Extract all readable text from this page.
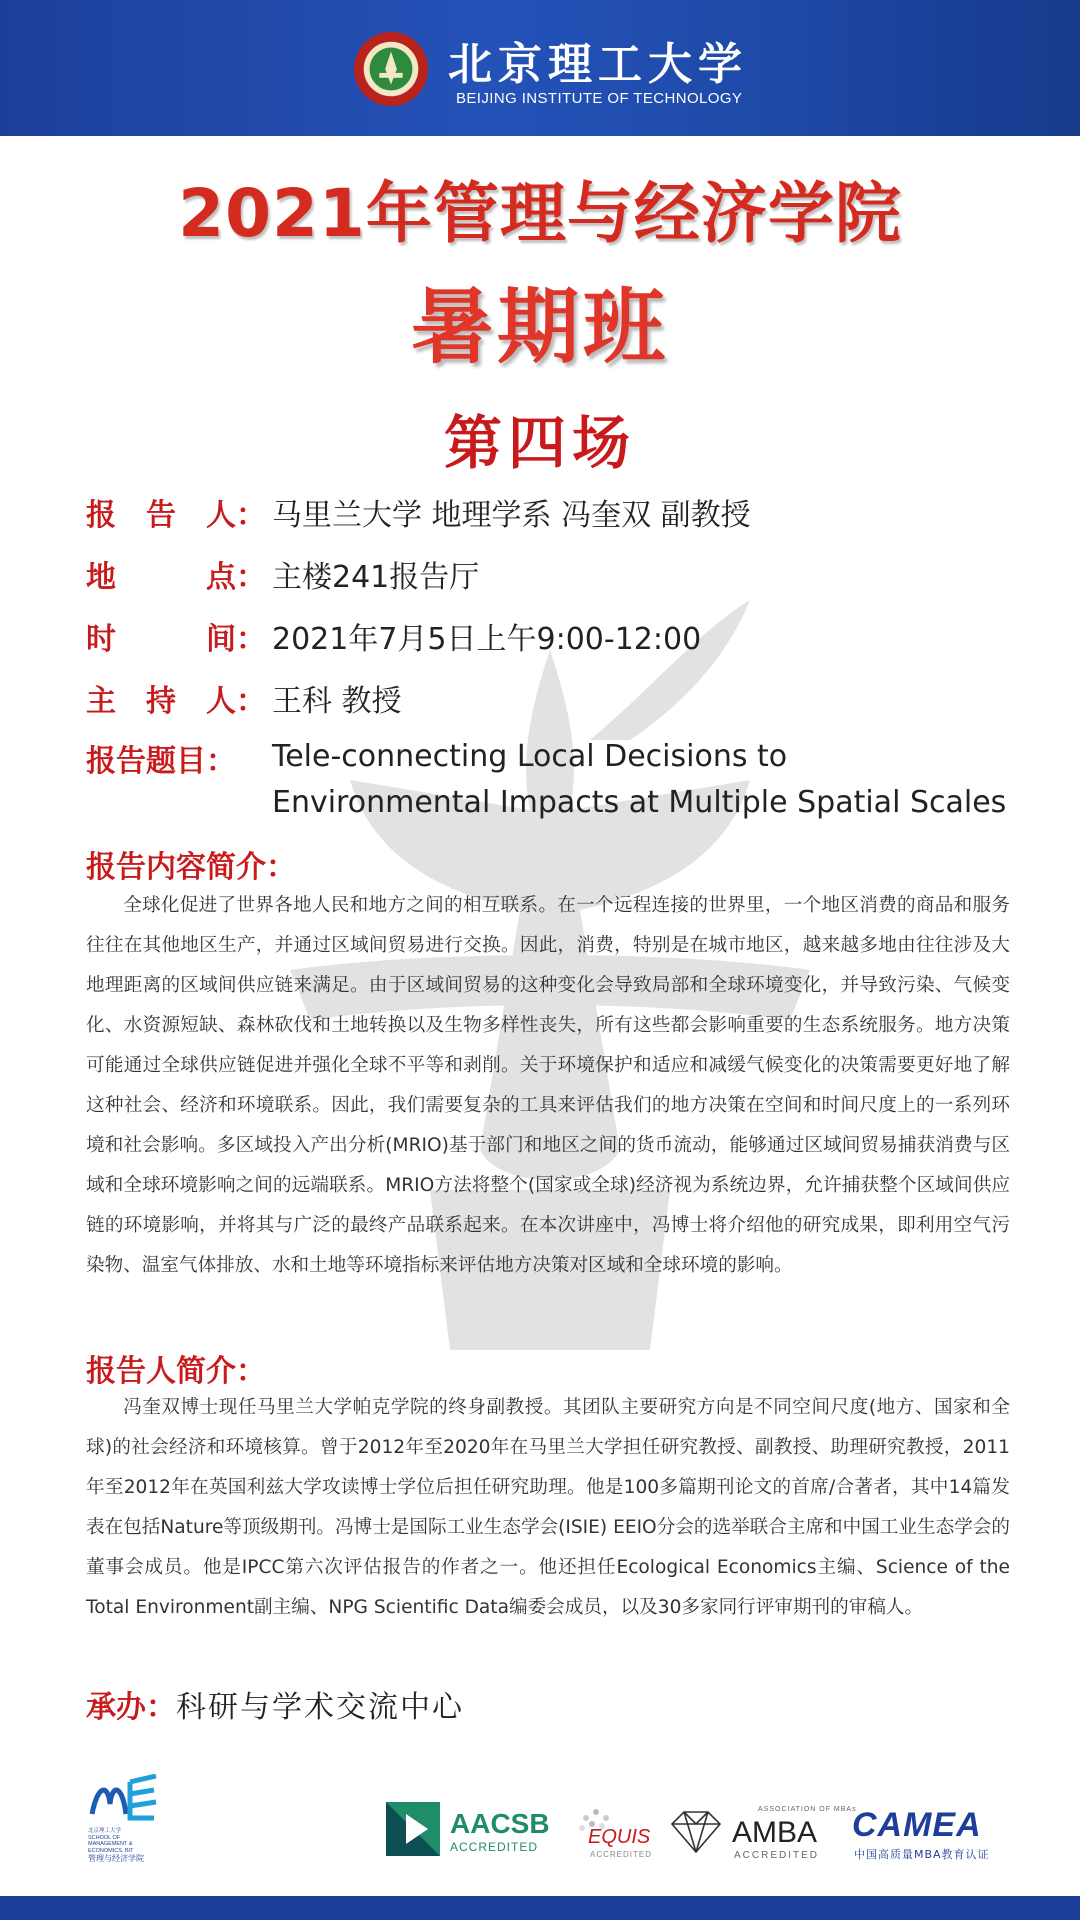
北京理工大学
BEIJING INSTITUTE OF TECHNOLOGY
2021年管理与经济学院
暑期班
第四场
报　告　人： 马里兰大学 地理学系 冯奎双 副教授
地　　　点： 主楼241报告厅
时　　　间： 2021年7月5日上午9:00-12:00
主　持　人： 王科 教授
报告题目： Tele-connecting Local Decisions to Environmental Impacts at Multiple Spatial Scales
报告内容简介：

全球化促进了世界各地人民和地方之间的相互联系。在一个远程连接的世界里，一个地区消费的商品和服务往往在其他地区生产，并通过区域间贸易进行交换。因此，消费，特别是在城市地区，越来越多地由往往涉及大地理距离的区域间供应链来满足。由于区域间贸易的这种变化会导致局部和全球环境变化，并导致污染、气候变化、水资源短缺、森林砍伐和土地转换以及生物多样性丧失，所有这些都会影响重要的生态系统服务。地方决策可能通过全球供应链促进并强化全球不平等和剥削。关于环境保护和适应和减缓气候变化的决策需要更好地了解这种社会、经济和环境联系。因此，我们需要复杂的工具来评估我们的地方决策在空间和时间尺度上的一系列环境和社会影响。多区域投入产出分析(MRIO)基于部门和地区之间的货币流动，能够通过区域间贸易捕获消费与区域和全球环境影响之间的远端联系。MRIO方法将整个(国家或全球)经济视为系统边界，允许捕获整个区域间供应链的环境影响，并将其与广泛的最终产品联系起来。在本次讲座中，冯博士将介绍他的研究成果，即利用空气污染物、温室气体排放、水和土地等环境指标来评估地方决策对区域和全球环境的影响。

报告人简介：

冯奎双博士现任马里兰大学帕克学院的终身副教授。其团队主要研究方向是不同空间尺度(地方、国家和全球)的社会经济和环境核算。曾于2012年至2020年在马里兰大学担任研究教授、副教授、助理研究教授，2011年至2012年在英国利兹大学攻读博士学位后担任研究助理。他是100多篇期刊论文的首席/合著者，其中14篇发表在包括Nature等顶级期刊。冯博士是国际工业生态学会(ISIE) EEIO分会的选举联合主席和中国工业生态学会的董事会成员。他是IPCC第六次评估报告的作者之一。他还担任Ecological Economics主编、Science of the Total Environment副主编、NPG Scientific Data编委会成员，以及30多家同行评审期刊的审稿人。

承办：科研与学术交流中心
北京理工大学
SCHOOL OF
MANAGEMENT &
ECONOMICS, BIT
管理与经济学院
AACSB
ACCREDITED EQUIS
ACCREDITED
ASSOCIATION OF MBAs
AMBA
ACCREDITED
CAMEA
中国高质量MBA教育认证
